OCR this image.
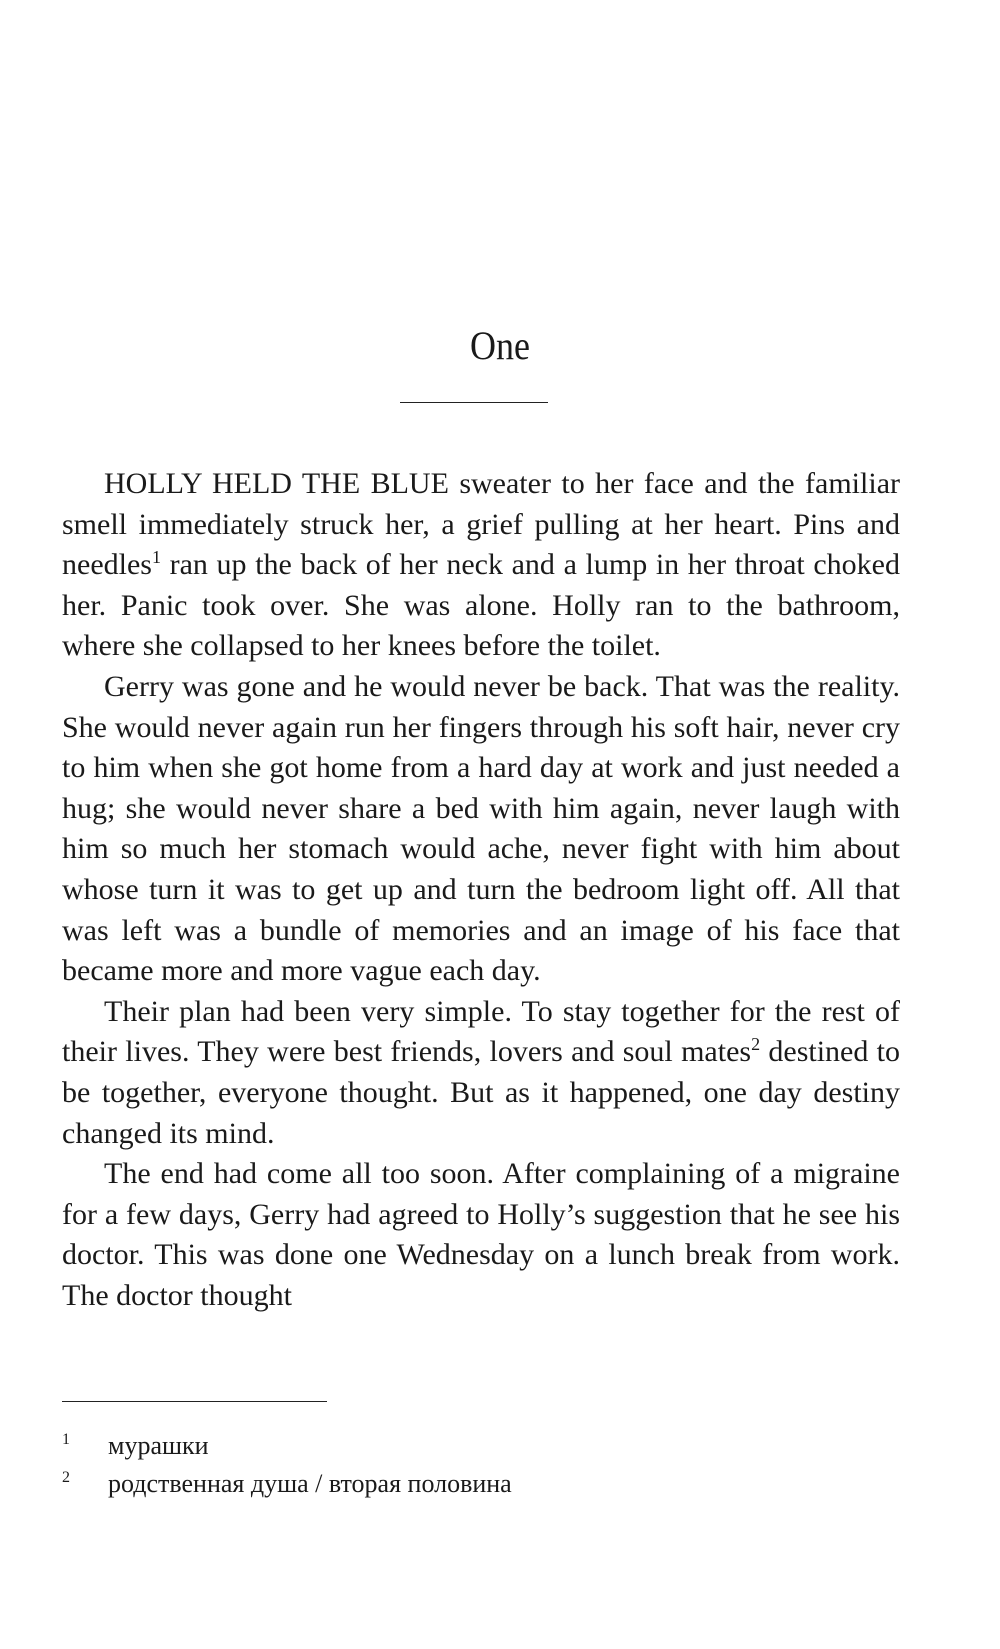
One

HOLLY HELD THE BLUE sweater to her face and the familiar smell immediately struck her, a grief pulling at her heart. Pins and needles$^1$ ran up the back of her neck and a lump in her throat choked her. Panic took over. She was alone. Holly ran to the bathroom, where she collapsed to her knees before the toilet.

Gerry was gone and he would never be back. That was the reality. She would never again run her fingers through his soft hair, never cry to him when she got home from a hard day at work and just needed a hug; she would never share a bed with him again, never laugh with him so much her stomach would ache, never fight with him about whose turn it was to get up and turn the bedroom light off. All that was left was a bundle of memories and an image of his face that became more and more vague each day.

Their plan had been very simple. To stay together for the rest of their lives. They were best friends, lovers and soul mates$^2$ destined to be together, everyone thought. But as it happened, one day destiny changed its mind.

The end had come all too soon. After complaining of a migraine for a few days, Gerry had agreed to Holly’s suggestion that he see his doctor. This was done one Wednesday on a lunch break from work. The doctor thought

1 мурашки
2 родственная душа / вторая половина
